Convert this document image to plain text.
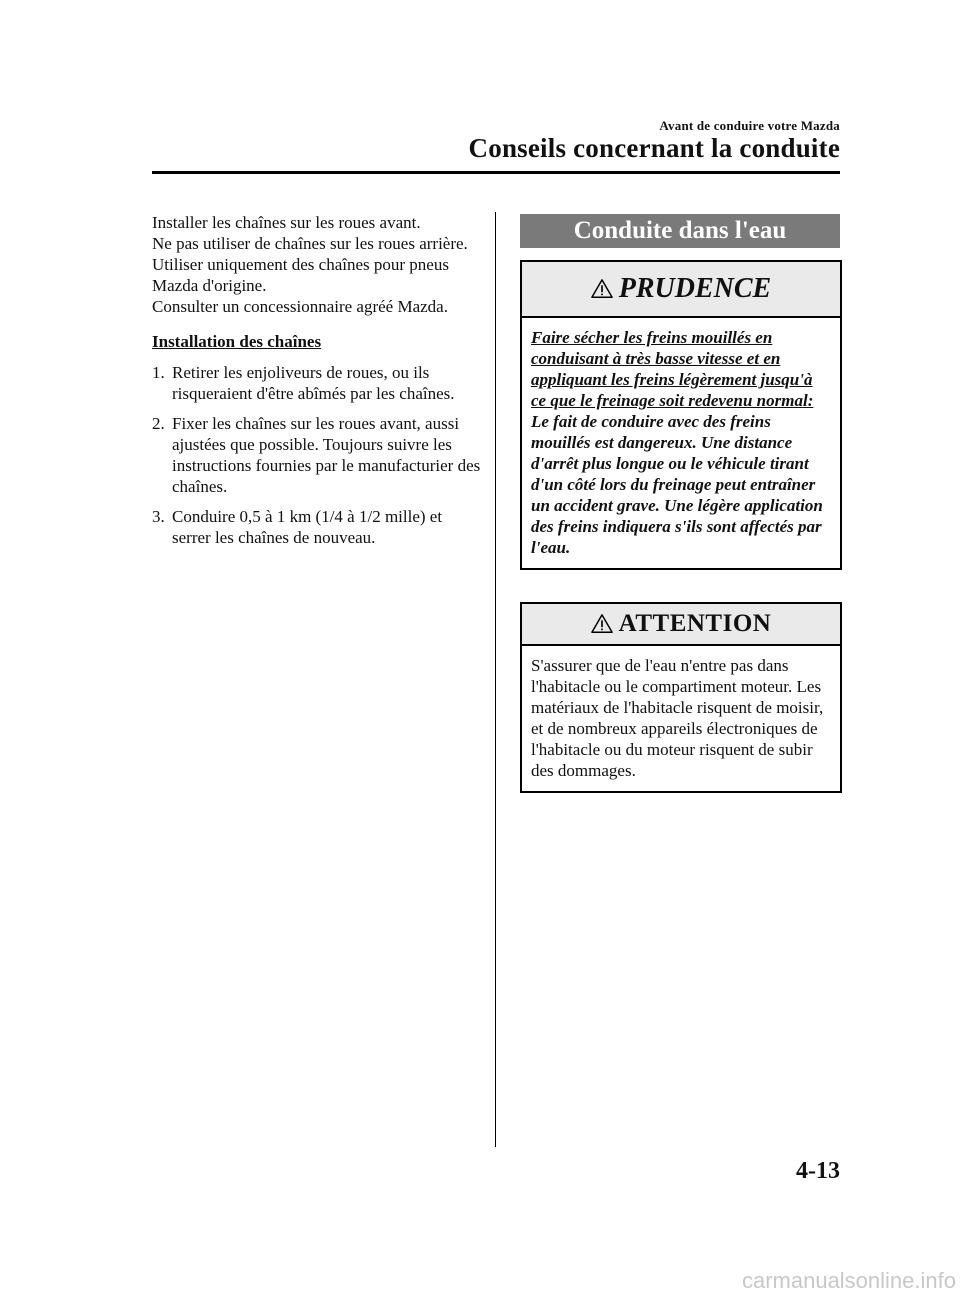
Avant de conduire votre Mazda
Conseils concernant la conduite

Installer les chaînes sur les roues avant.

Ne pas utiliser de chaînes sur les roues arrière.

Utiliser uniquement des chaînes pour pneus Mazda d'origine.

Consulter un concessionnaire agréé Mazda.

Installation des chaînes

1. Retirer les enjoliveurs de roues, ou ils risqueraient d'être abîmés par les chaînes.
2. Fixer les chaînes sur les roues avant, aussi ajustées que possible. Toujours suivre les instructions fournies par le manufacturier des chaînes.
3. Conduire 0,5 à 1 km (1/4 à 1/2 mille) et serrer les chaînes de nouveau.
Conduite dans l'eau
PRUDENCE
Faire sécher les freins mouillés en conduisant à très basse vitesse et en appliquant les freins légèrement jusqu'à ce que le freinage soit redevenu normal:
Le fait de conduire avec des freins mouillés est dangereux. Une distance d'arrêt plus longue ou le véhicule tirant d'un côté lors du freinage peut entraîner un accident grave. Une légère application des freins indiquera s'ils sont affectés par l'eau.
ATTENTION
S'assurer que de l'eau n'entre pas dans l'habitacle ou le compartiment moteur. Les matériaux de l'habitacle risquent de moisir, et de nombreux appareils électroniques de l'habitacle ou du moteur risquent de subir des dommages.
4-13
carmanualsonline.info
